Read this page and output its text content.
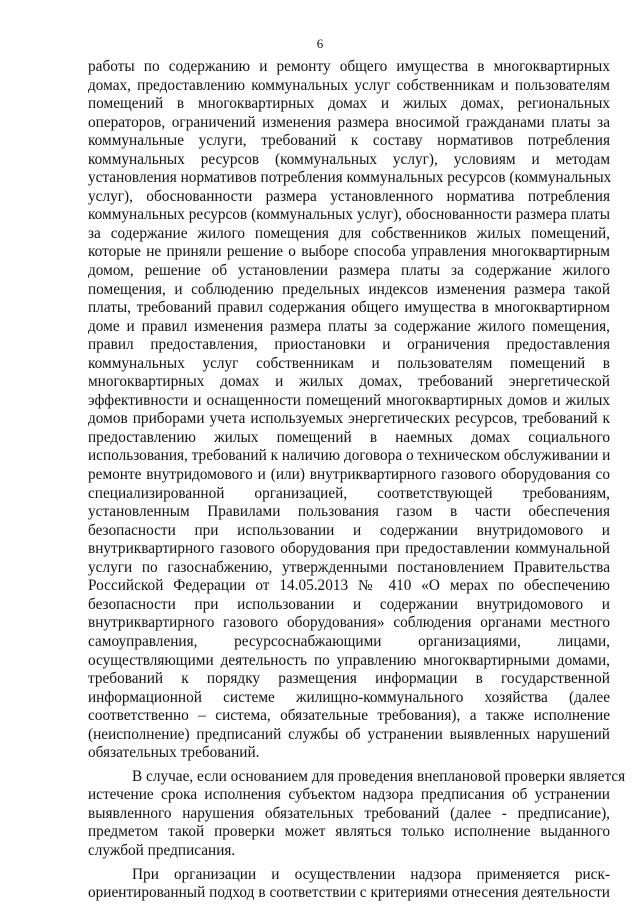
6
работы по содержанию и ремонту общего имущества в многоквартирных
домах, предоставлению коммунальных услуг собственникам и пользователям
помещений в многоквартирных домах и жилых домах, региональных
операторов, ограничений изменения размера вносимой гражданами платы за
коммунальные услуги, требований к составу нормативов потребления
коммунальных ресурсов (коммунальных услуг), условиям и методам
установления нормативов потребления коммунальных ресурсов (коммунальных
услуг), обоснованности размера установленного норматива потребления
коммунальных ресурсов (коммунальных услуг), обоснованности размера платы
за содержание жилого помещения для собственников жилых помещений,
которые не приняли решение о выборе способа управления многоквартирным
домом, решение об установлении размера платы за содержание жилого
помещения, и соблюдению предельных индексов изменения размера такой
платы, требований правил содержания общего имущества в многоквартирном
доме и правил изменения размера платы за содержание жилого помещения,
правил предоставления, приостановки и ограничения предоставления
коммунальных услуг собственникам и пользователям помещений в
многоквартирных домах и жилых домах, требований энергетической
эффективности и оснащенности помещений многоквартирных домов и жилых
домов приборами учета используемых энергетических ресурсов, требований к
предоставлению жилых помещений в наемных домах социального
использования, требований к наличию договора о техническом обслуживании и
ремонте внутридомового и (или) внутриквартирного газового оборудования со
специализированной организацией, соответствующей требованиям,
установленным Правилами пользования газом в части обеспечения
безопасности при использовании и содержании внутридомового и
внутриквартирного газового оборудования при предоставлении коммунальной
услуги по газоснабжению, утвержденными постановлением Правительства
Российской Федерации от 14.05.2013 № 410 «О мерах по обеспечению
безопасности при использовании и содержании внутридомового и
внутриквартирного газового оборудования» соблюдения органами местного
самоуправления, ресурсоснабжающими организациями, лицами,
осуществляющими деятельность по управлению многоквартирными домами,
требований к порядку размещения информации в государственной
информационной системе жилищно-коммунального хозяйства (далее
соответственно – система, обязательные требования), а также исполнение
(неисполнение) предписаний службы об устранении выявленных нарушений
обязательных требований.
В случае, если основанием для проведения внеплановой проверки является
истечение срока исполнения субъектом надзора предписания об устранении
выявленного нарушения обязательных требований (далее - предписание),
предметом такой проверки может являться только исполнение выданного
службой предписания.
При организации и осуществлении надзора применяется риск-
ориентированный подход в соответствии с критериями отнесения деятельности
